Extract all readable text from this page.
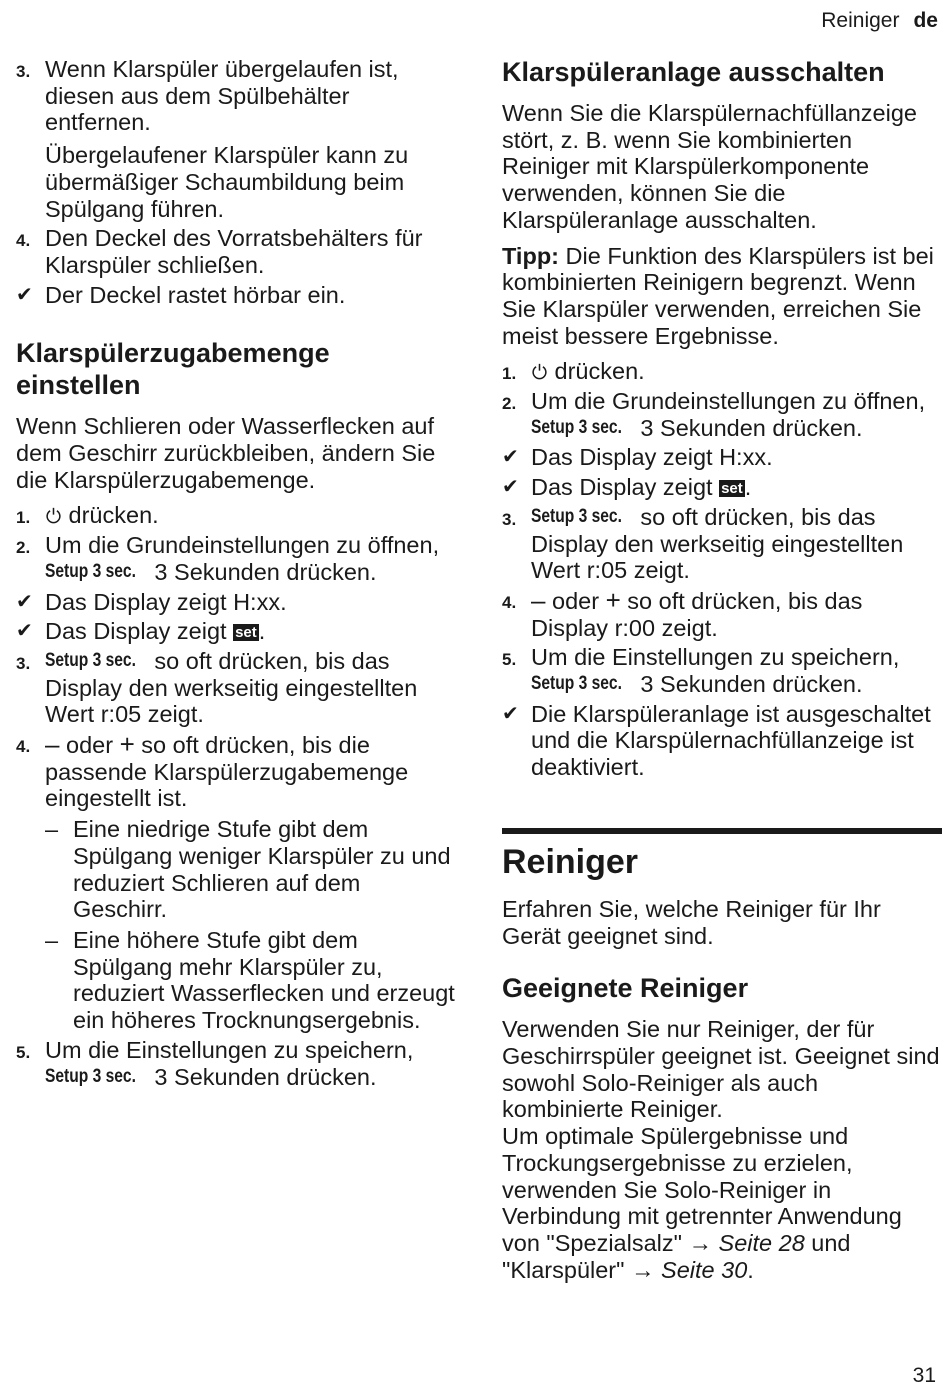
Reiniger de
3. Wenn Klarspüler übergelaufen ist, diesen aus dem Spülbehälter entfernen.
Übergelaufener Klarspüler kann zu übermäßiger Schaumbildung beim Spülgang führen.
4. Den Deckel des Vorratsbehälters für Klarspüler schließen.
✔ Der Deckel rastet hörbar ein.
Klarspülerzugabemenge einstellen

Wenn Schlieren oder Wasserflecken auf dem Geschirr zurückbleiben, ändern Sie die Klarspülerzugabemenge.

1.	drücken.
2. Um die Grundeinstellungen zu öffnen, Setup 3 sec. 3 Sekunden drücken.
✔ Das Display zeigt H:xx.
✔ Das Display zeigt set.
3. Setup 3 sec. so oft drücken, bis das Display den werkseitig eingestellten Wert r:05 zeigt.
4. – oder + so oft drücken, bis die passende Klarspülerzugabemenge eingestellt ist.
– Eine niedrige Stufe gibt dem Spülgang weniger Klarspüler zu und reduziert Schlieren auf dem Geschirr.
– Eine höhere Stufe gibt dem Spülgang mehr Klarspüler zu, reduziert Wasserflecken und erzeugt ein höheres Trocknungsergebnis.
5. Um die Einstellungen zu speichern, Setup 3 sec. 3 Sekunden drücken.
Klarspüleranlage ausschalten

Wenn Sie die Klarspülernachfüllanzeige stört, z. B. wenn Sie kombinierten Reiniger mit Klarspülerkomponente verwenden, können Sie die Klarspüleranlage ausschalten.

Tipp: Die Funktion des Klarspülers ist bei kombinierten Reinigern begrenzt. Wenn Sie Klarspüler verwenden, erreichen Sie meist bessere Ergebnisse.

1.	drücken.
2. Um die Grundeinstellungen zu öffnen, Setup 3 sec. 3 Sekunden drücken.
✔ Das Display zeigt H:xx.
✔ Das Display zeigt set.
3. Setup 3 sec. so oft drücken, bis das Display den werkseitig eingestellten Wert r:05 zeigt.
4. – oder + so oft drücken, bis das Display r:00 zeigt.
5. Um die Einstellungen zu speichern, Setup 3 sec. 3 Sekunden drücken.
✔ Die Klarspüleranlage ist ausgeschaltet und die Klarspülernachfüllanzeige ist deaktiviert.
Reiniger

Erfahren Sie, welche Reiniger für Ihr Gerät geeignet sind.

Geeignete Reiniger

Verwenden Sie nur Reiniger, der für Geschirrspüler geeignet ist. Geeignet sind sowohl Solo-Reiniger als auch kombinierte Reiniger.

Um optimale Spülergebnisse und Trockungsergebnisse zu erzielen, verwenden Sie Solo-Reiniger in Verbindung mit getrennter Anwendung von "Spezialsalz" → Seite 28 und "Klarspüler" → Seite 30.

31
